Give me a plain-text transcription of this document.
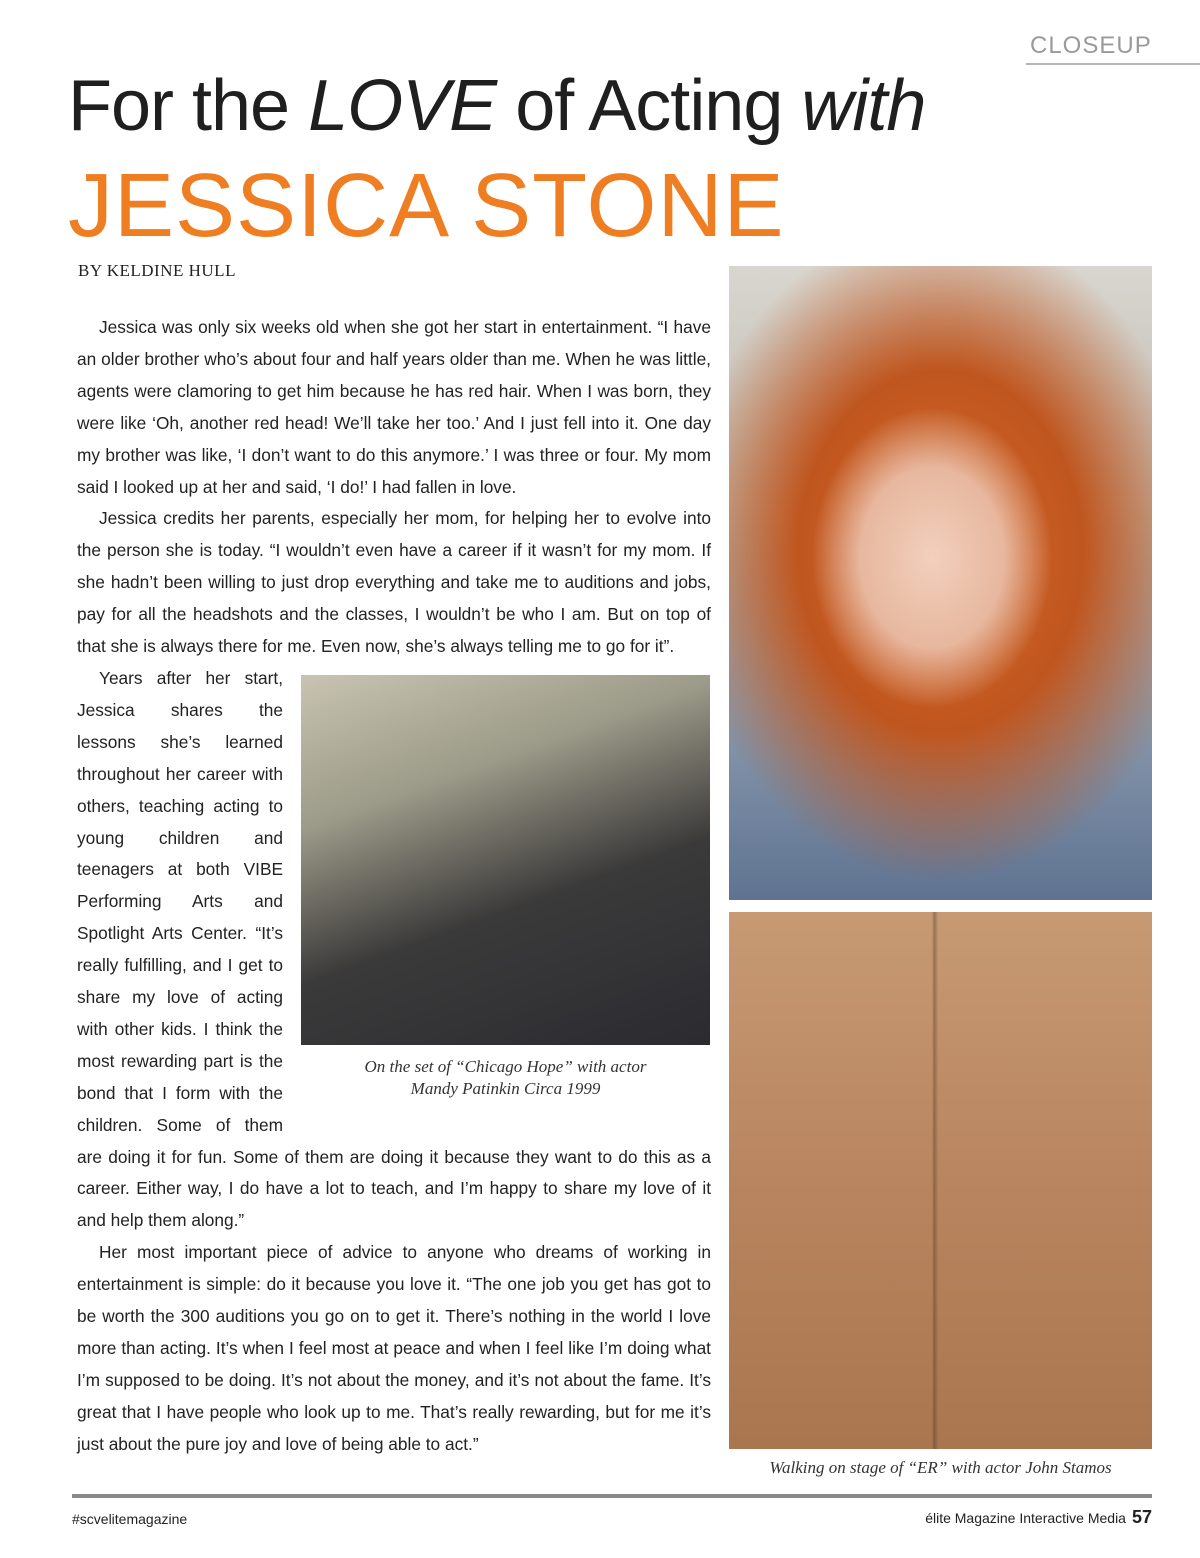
CLOSEUP
For the LOVE of Acting with
JESSICA STONE
BY KELDINE HULL

Jessica was only six weeks old when she got her start in entertainment. “I have an older brother who’s about four and half years older than me. When he was little, agents were clamoring to get him because he has red hair. When I was born, they were like ‘Oh, another red head! We’ll take her too.’ And I just fell into it. One day my brother was like, ‘I don’t want to do this anymore.’ I was three or four. My mom said I looked up at her and said, ‘I do!’ I had fallen in love.

Jessica credits her parents, especially her mom, for helping her to evolve into the person she is today. “I wouldn’t even have a career if it wasn’t for my mom. If she hadn’t been willing to just drop everything and take me to auditions and jobs, pay for all the headshots and the classes, I wouldn’t be who I am. But on top of that she is always there for me. Even now, she’s always telling me to go for it”.

On the set of “Chicago Hope” with actor
Mandy Patinkin Circa 1999

Years after her start, Jessica shares the lessons she’s learned throughout her career with others, teaching acting to young children and teenagers at both VIBE Performing Arts and Spotlight Arts Center. “It’s really fulfilling, and I get to share my love of acting with other kids. I think the most rewarding part is the bond that I form with the children. Some of them are doing it for fun. Some of them are doing it because they want to do this as a career. Either way, I do have a lot to teach, and I’m happy to share my love of it and help them along.”

Her most important piece of advice to anyone who dreams of working in entertainment is simple: do it because you love it. “The one job you get has got to be worth the 300 auditions you go on to get it. There’s nothing in the world I love more than acting. It’s when I feel most at peace and when I feel like I’m doing what I’m supposed to be doing. It’s not about the money, and it’s not about the fame. It’s great that I have people who look up to me. That’s really rewarding, but for me it’s just about the pure joy and love of being able to act.”

Walking on stage of “ER” with actor John Stamos
#scvelitemagazine	élite Magazine Interactive Media 57
